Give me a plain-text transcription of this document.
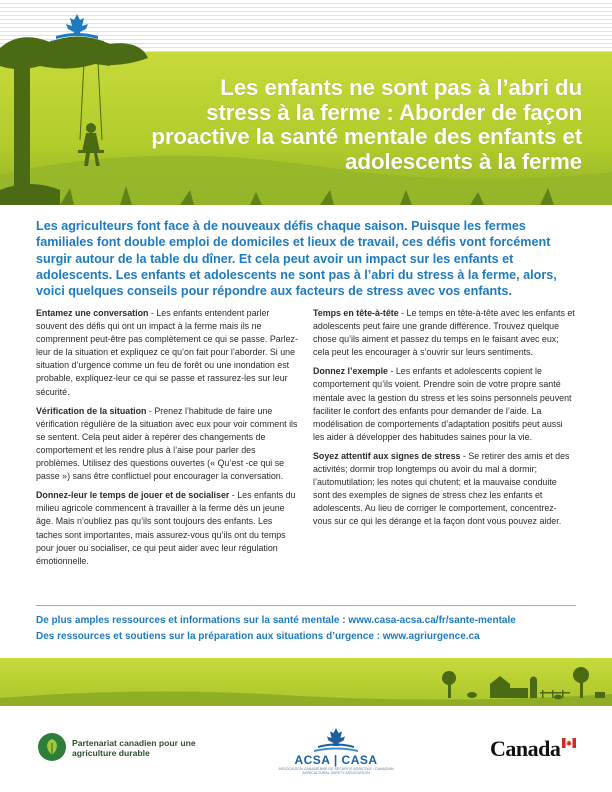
Les enfants ne sont pas à l’abri du stress à la ferme : Aborder de façon proactive la santé mentale des enfants et adolescents à la ferme
Les agriculteurs font face à de nouveaux défis chaque saison. Puisque les fermes familiales font double emploi de domiciles et lieux de travail, ces défis vont forcément surgir autour de la table du dîner. Et cela peut avoir un impact sur les enfants et adolescents. Les enfants et adolescents ne sont pas à l’abri du stress à la ferme, alors, voici quelques conseils pour répondre aux facteurs de stress avec vos enfants.

Entamez une conversation - Les enfants entendent parler souvent des défis qui ont un impact à la ferme mais ils ne comprennent peut-être pas complètement ce qui se passe. Parlez-leur de la situation et expliquez ce qu’on fait pour l’aborder. Si une situation d’urgence comme un feu de forêt ou une inondation est probable, expliquez-leur ce qui se passe et rassurez-les sur leur sécurité.

Vérification de la situation - Prenez l’habitude de faire une vérification régulière de la situation avec eux pour voir comment ils se sentent. Cela peut aider à repérer des changements de comportement et les rendre plus à l’aise pour parler des problèmes. Utilisez des questions ouvertes (« Qu’est -ce qui se passe ») sans être conflictuel pour encourager la conversation.

Donnez-leur le temps de jouer et de socialiser - Les enfants du milieu agricole commencent à travailler à la ferme dès un jeune âge. Mais n’oubliez pas qu’ils sont toujours des enfants. Les taches sont importantes, mais assurez-vous qu’ils ont du temps pour jouer ou socialiser, ce qui peut aider avec leur régulation émotionnelle.

Temps en tête-à-tête - Le temps en tête-à-tête avec les enfants et adolescents peut faire une grande différence. Trouvez quelque chose qu’ils aiment et passez du temps en le faisant avec eux; cela peut les encourager à s’ouvrir sur leurs sentiments.

Donnez l’exemple - Les enfants et adolescents copient le comportement qu’ils voient. Prendre soin de votre propre santé mentale avec la gestion du stress et les soins personnels peuvent faciliter le confort des enfants pour demander de l’aide. La modélisation de comportements d’adaptation positifs peut aussi les aider à développer des habitudes saines pour la vie.

Soyez attentif aux signes de stress - Se retirer des amis et des activités; dormir trop longtemps ou avoir du mal à dormir; l’automutilation; les notes qui chutent; et la mauvaise conduite sont des exemples de signes de stress chez les enfants et adolescents. Au lieu de corriger le comportement, concentrez-vous sur ce qui les dérange et la façon dont vous pouvez aider.

De plus amples ressources et informations sur la santé mentale : www.casa-acsa.ca/fr/sante-mentale
Des ressources et soutiens sur la préparation aux situations d’urgence : www.agriurgence.ca
Partenariat canadien pour une agriculture durable	ACSA | CASA
ASSOCIATION CANADIENNE DE SÉCURITÉ AGRICOLE / CANADIAN AGRICULTURAL SAFETY ASSOCIATION
Canada
